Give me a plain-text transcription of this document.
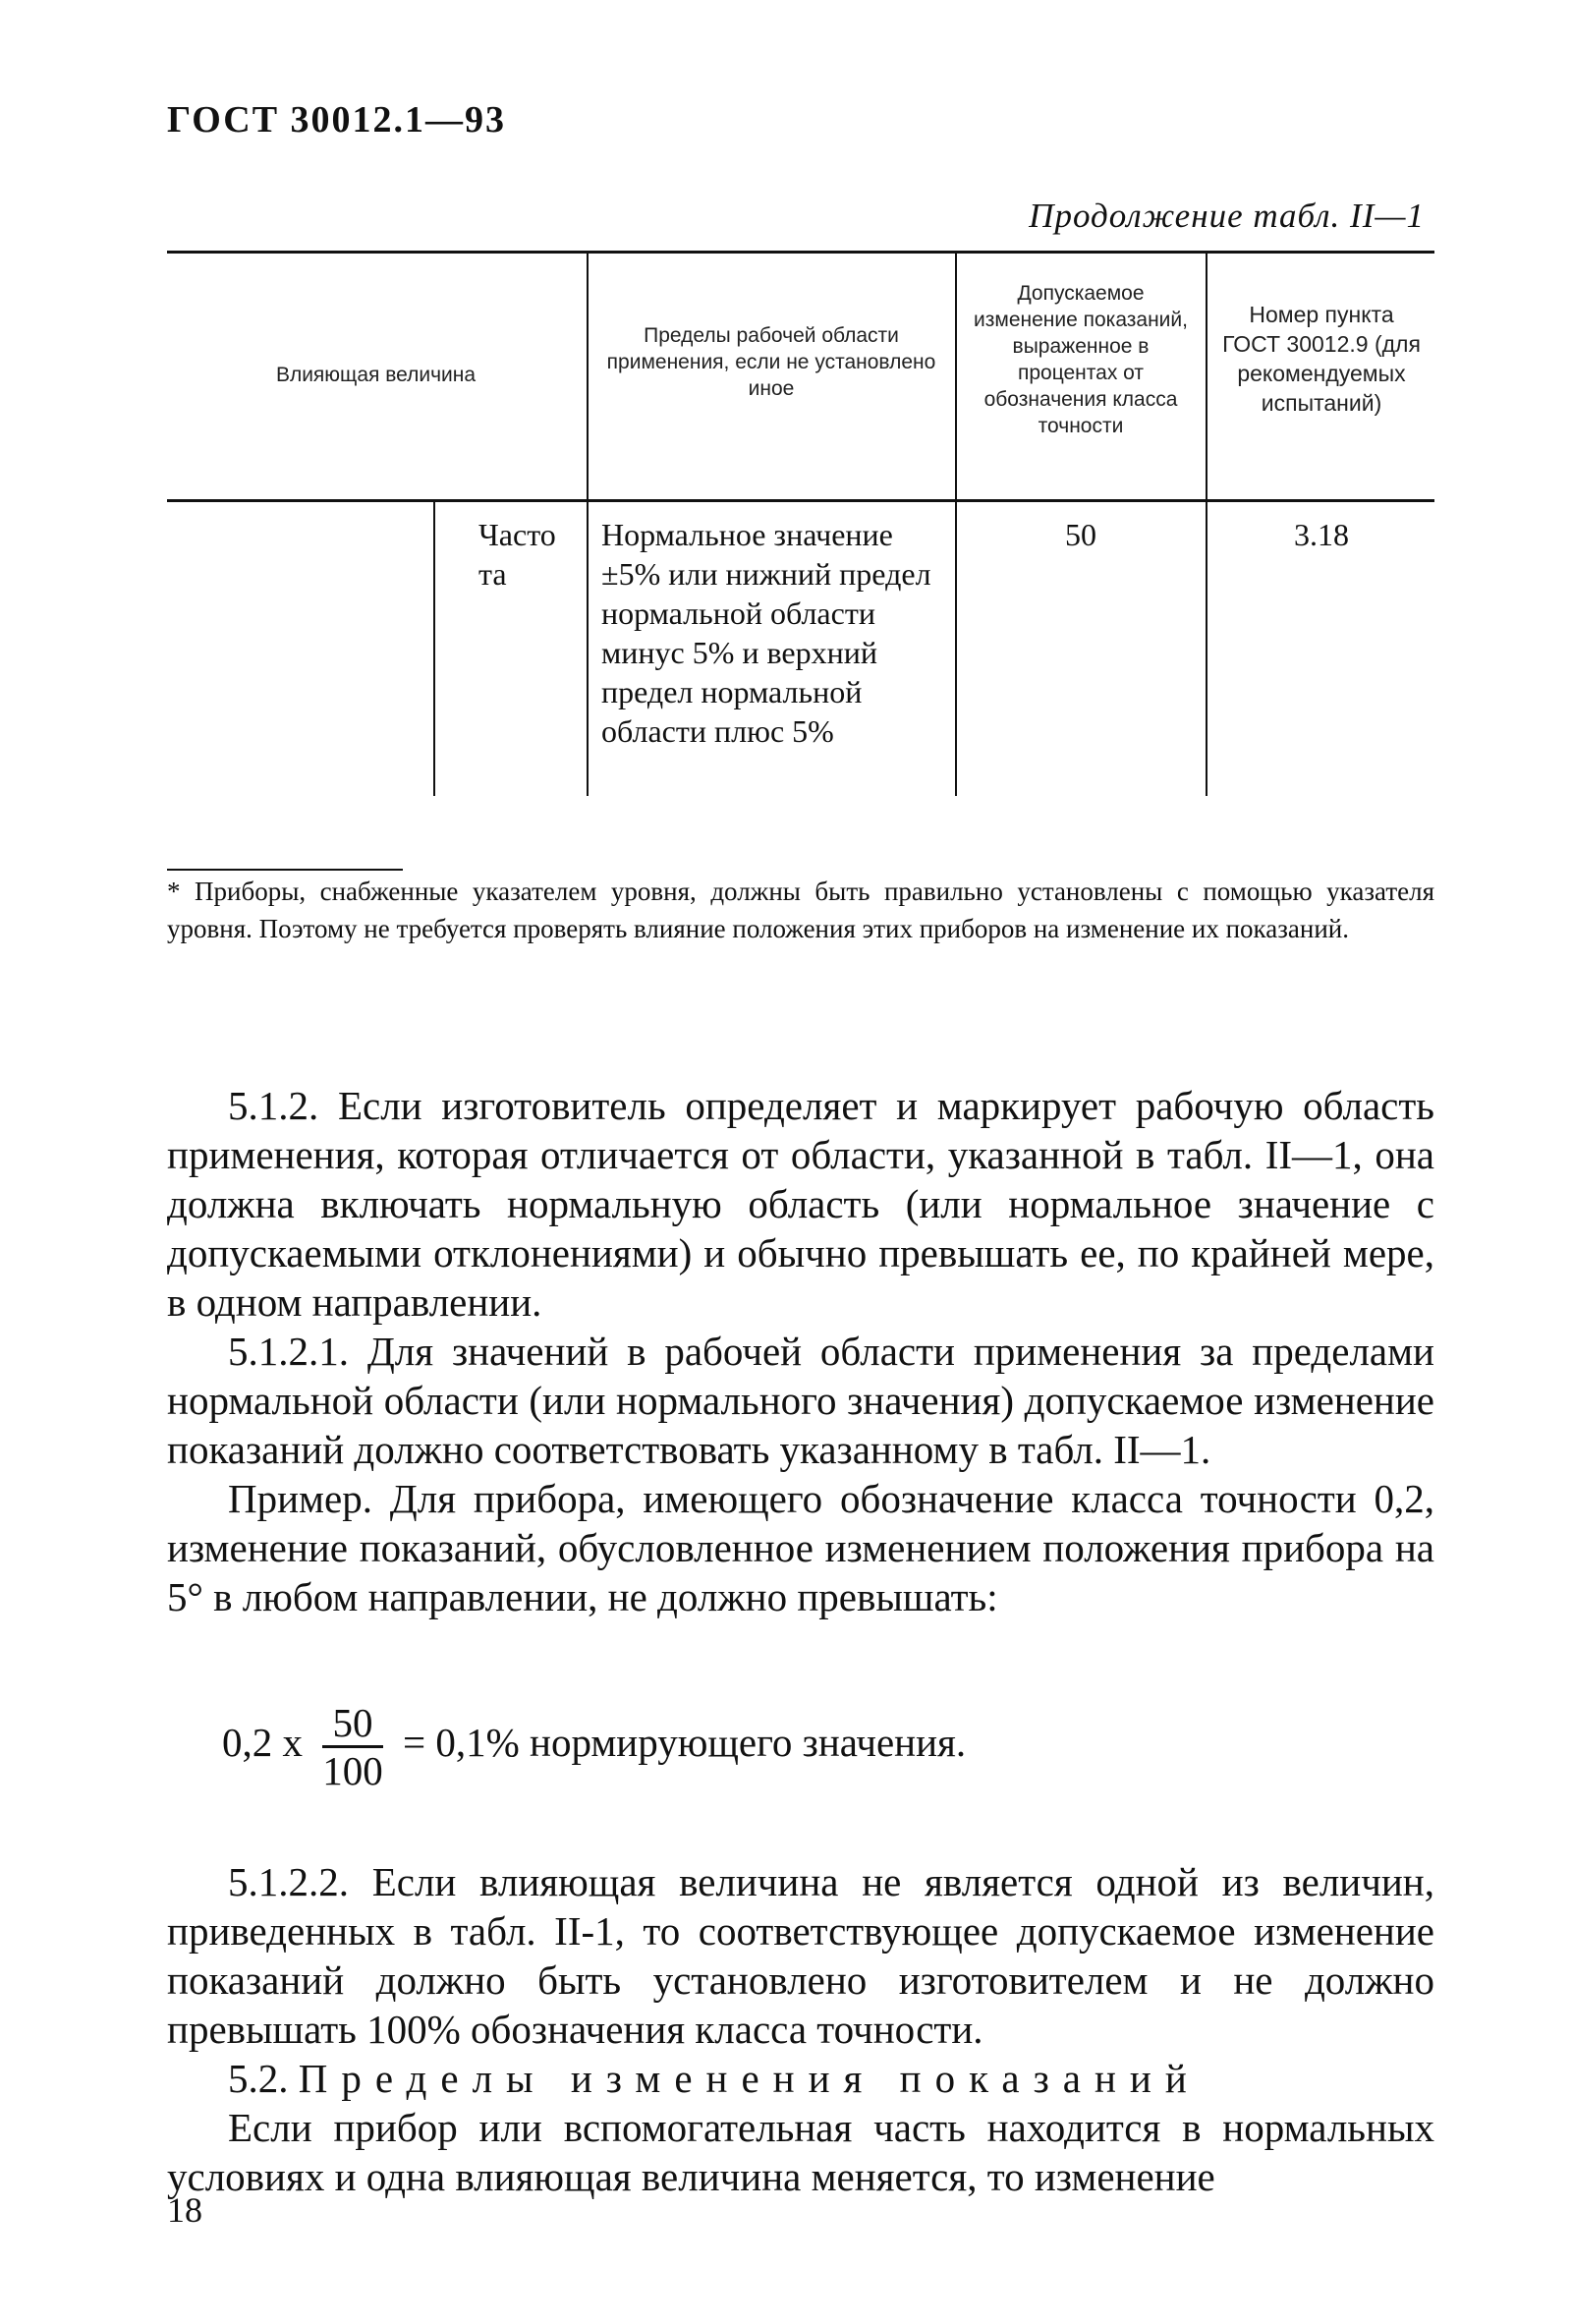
ГОСТ 30012.1—93
Продолжение табл. II—1
Влияющая величина
Пределы рабочей области применения, если не установлено иное
Допускаемое изменение показаний, выраженное в процентах от обозначения класса точности
Номер пункта ГОСТ 30012.9 (для рекомендуемых испытаний)
Частота
Нормальное значение ±5% или нижний предел нормальной области минус 5% и верхний предел нормальной области плюс 5%
50	3.18
* Приборы, снабженные указателем уровня, должны быть правильно установлены с помощью указателя уровня. Поэтому не требуется проверять влияние положения этих приборов на изменение их показаний.

5.1.2. Если изготовитель определяет и маркирует рабочую область применения, которая отличается от области, указанной в табл. II—1, она должна включать нормальную область (или нормальное значение с допускаемыми отклонениями) и обычно превышать ее, по крайней мере, в одном направлении.

5.1.2.1. Для значений в рабочей области применения за пределами нормальной области (или нормального значения) допускаемое изменение показаний должно соответствовать указанному в табл. II—1.

Пример. Для прибора, имеющего обозначение класса точности 0,2, изменение показаний, обусловленное изменением положения прибора на 5° в любом направлении, не должно превышать:

0,2 x $\frac{50}{100} = 0,1\%$ нормирующего значения.

5.1.2.2. Если влияющая величина не является одной из величин, приведенных в табл. II-1, то соответствующее допускаемое изменение показаний должно быть установлено изготовителем и не должно превышать 100% обозначения класса точности.

5.2. Пределы изменения показаний

Если прибор или вспомогательная часть находится в нормальных условиях и одна влияющая величина меняется, то изменение

18
